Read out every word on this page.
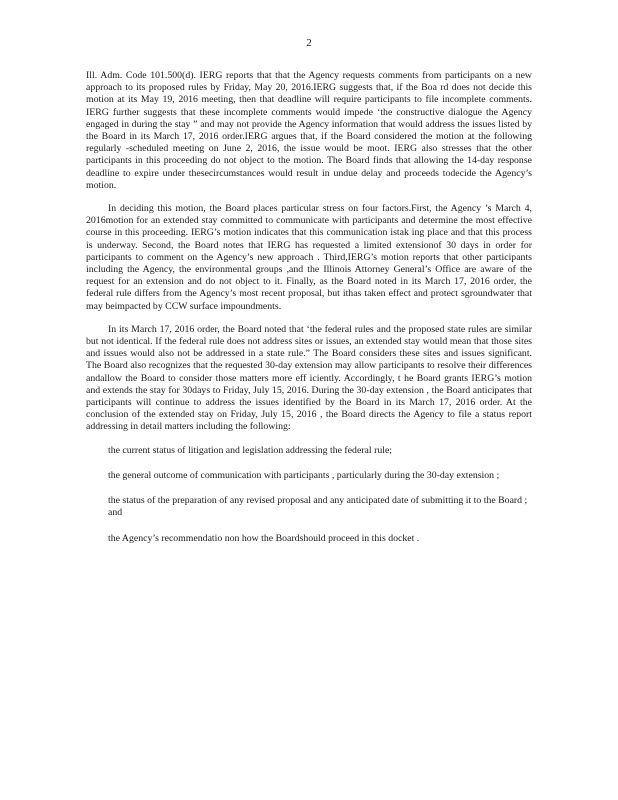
2

Ill. Adm. Code 101.500(d). IERG reports that that the Agency requests comments from participants on a new approach to its proposed rules by Friday, May 20, 2016.IERG suggests that, if the Boa rd does not decide this motion at its May 19, 2016 meeting, then that deadline will require participants to file incomplete comments. IERG further suggests that these incomplete comments would impede ‘the constructive dialogue the Agency engaged in during the stay ” and may not provide the Agency information that would address the issues listed by the Board in its March 17, 2016 order.IERG argues that, if the Board considered the motion at the following regularly -scheduled meeting on June 2, 2016, the issue would be moot. IERG also stresses that the other participants in this proceeding do not object to the motion. The Board finds that allowing the 14-day response deadline to expire under thesecircumstances would result in undue delay and proceeds todecide the Agency’s motion.

In deciding this motion, the Board places particular stress on four factors.First, the Agency ’s March 4, 2016motion for an extended stay committed to communicate with participants and determine the most effective course in this proceeding. IERG’s motion indicates that this communication istak ing place and that this process is underway. Second, the Board notes that IERG has requested a limited extensionof 30 days in order for participants to comment on the Agency’s new approach . Third,IERG’s motion reports that other participants including the Agency, the environmental groups ,and the Illinois Attorney General’s Office are aware of the request for an extension and do not object to it. Finally, as the Board noted in its March 17, 2016 order, the federal rule differs from the Agency’s most recent proposal, but ithas taken effect and protect sgroundwater that may beimpacted by CCW surface impoundments.

In its March 17, 2016 order, the Board noted that ‘the federal rules and the proposed state rules are similar but not identical. If the federal rule does not address sites or issues, an extended stay would mean that those sites and issues would also not be addressed in a state rule.” The Board considers these sites and issues significant. The Board also recognizes that the requested 30-day extension may allow participants to resolve their differences andallow the Board to consider those matters more eff iciently. Accordingly, t he Board grants IERG’s motion and extends the stay for 30days to Friday, July 15, 2016. During the 30-day extension , the Board anticipates that participants will continue to address the issues identified by the Board in its March 17, 2016 order. At the conclusion of the extended stay on Friday, July 15, 2016 , the Board directs the Agency to file a status report addressing in detail matters including the following:

the current status of litigation and legislation addressing the federal rule;
the general outcome of communication with participants , particularly during the 30-day extension ;
the status of the preparation of any revised proposal and any anticipated date of submitting it to the Board ; and
the Agency’s recommendatio non how the Boardshould proceed in this docket .
